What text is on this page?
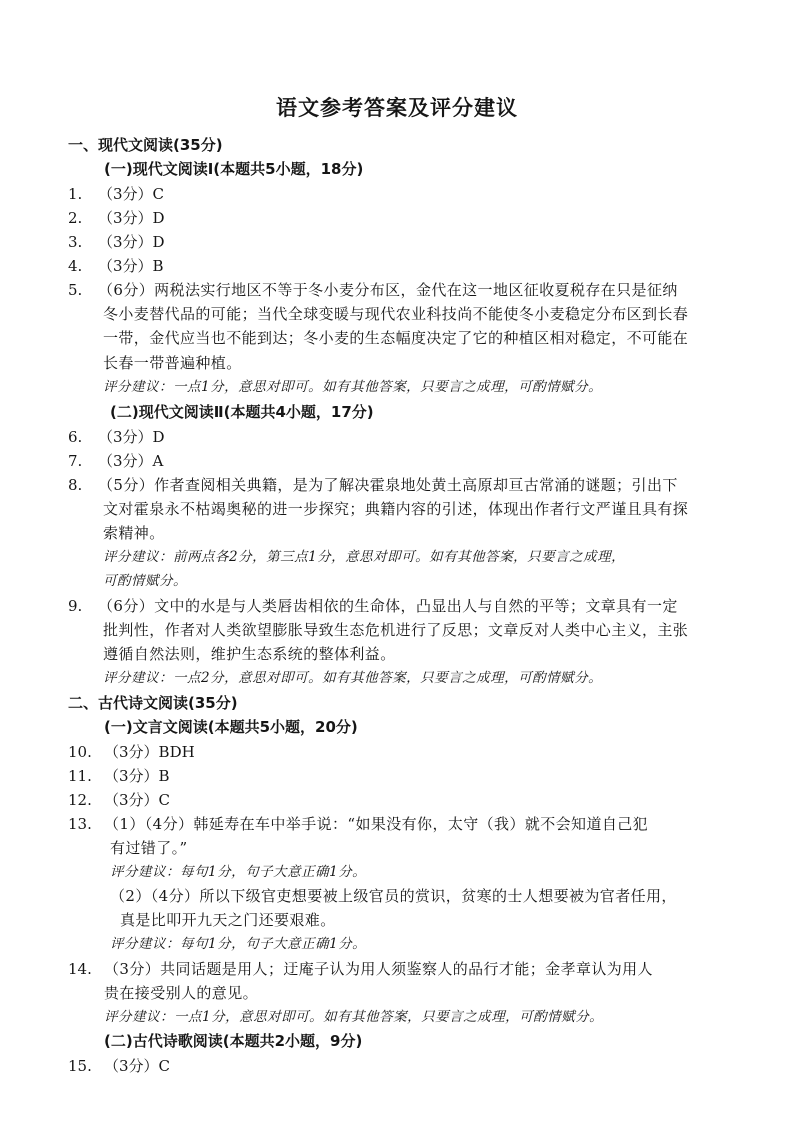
语文参考答案及评分建议
一、现代文阅读(35分)
(一)现代文阅读Ⅰ(本题共5小题，18分)
1. （3分）C
2. （3分）D
3. （3分）D
4. （3分）B
5. （6分）两税法实行地区不等于冬小麦分布区，金代在这一地区征收夏税存在只是征纳
冬小麦替代品的可能；当代全球变暖与现代农业科技尚不能使冬小麦稳定分布区到长春
一带，金代应当也不能到达；冬小麦的生态幅度决定了它的种植区相对稳定，不可能在
长春一带普遍种植。
评分建议：一点1分，意思对即可。如有其他答案，只要言之成理，可酌情赋分。
(二)现代文阅读Ⅱ(本题共4小题，17分)
6. （3分）D
7. （3分）A
8. （5分）作者查阅相关典籍，是为了解决霍泉地处黄土高原却亘古常涌的谜题；引出下
文对霍泉永不枯竭奥秘的进一步探究；典籍内容的引述，体现出作者行文严谨且具有探
索精神。
评分建议：前两点各2分，第三点1分，意思对即可。如有其他答案，只要言之成理，
可酌情赋分。
9. （6分）文中的水是与人类唇齿相依的生命体，凸显出人与自然的平等；文章具有一定
批判性，作者对人类欲望膨胀导致生态危机进行了反思；文章反对人类中心主义，主张
遵循自然法则，维护生态系统的整体利益。
评分建议：一点2分，意思对即可。如有其他答案，只要言之成理，可酌情赋分。
二、古代诗文阅读(35分)
(一)文言文阅读(本题共5小题，20分)
10. （3分）BDH
11. （3分）B
12. （3分）C
13. （1）（4分）韩延寿在车中举手说：“如果没有你，太守（我）就不会知道自己犯
有过错了。”
评分建议：每句1分，句子大意正确1分。
（2）（4分）所以下级官吏想要被上级官员的赏识，贫寒的士人想要被为官者任用，
真是比叩开九天之门还要艰难。
评分建议：每句1分，句子大意正确1分。
14. （3分）共同话题是用人；迂庵子认为用人须鉴察人的品行才能；金孝章认为用人
贵在接受别人的意见。
评分建议：一点1分，意思对即可。如有其他答案，只要言之成理，可酌情赋分。
(二)古代诗歌阅读(本题共2小题，9分)
15. （3分）C
